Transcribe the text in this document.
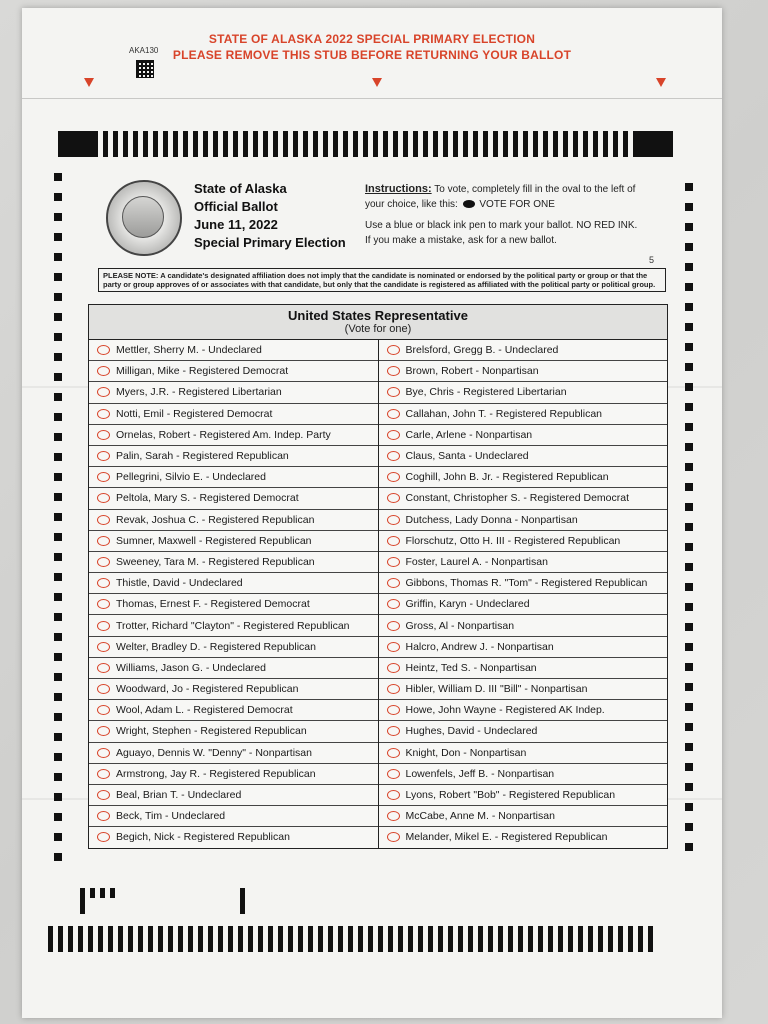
STATE OF ALASKA 2022 SPECIAL PRIMARY ELECTION
PLEASE REMOVE THIS STUB BEFORE RETURNING YOUR BALLOT
AKA130
State of Alaska
Official Ballot
June 11, 2022
Special Primary Election

Instructions: To vote, completely fill in the oval to the left of your choice, like this: VOTE FOR ONE

Use a blue or black ink pen to mark your ballot. NO RED INK. If you make a mistake, ask for a new ballot.

5
PLEASE NOTE: A candidate's designated affiliation does not imply that the candidate is nominated or endorsed by the political party or group or that the party or group approves of or associates with that candidate, but only that the candidate is registered as affiliated with the political party or political group.
United States Representative
(Vote for one)
Mettler, Sherry M. - Undeclared
Milligan, Mike - Registered Democrat
Myers, J.R. - Registered Libertarian
Notti, Emil - Registered Democrat
Ornelas, Robert - Registered Am. Indep. Party
Palin, Sarah - Registered Republican
Pellegrini, Silvio E. - Undeclared
Peltola, Mary S. - Registered Democrat
Revak, Joshua C. - Registered Republican
Sumner, Maxwell - Registered Republican
Sweeney, Tara M. - Registered Republican
Thistle, David - Undeclared
Thomas, Ernest F. - Registered Democrat
Trotter, Richard "Clayton" - Registered Republican
Welter, Bradley D. - Registered Republican
Williams, Jason G. - Undeclared
Woodward, Jo - Registered Republican
Wool, Adam L. - Registered Democrat
Wright, Stephen - Registered Republican
Aguayo, Dennis W. "Denny" - Nonpartisan
Armstrong, Jay R. - Registered Republican
Beal, Brian T. - Undeclared
Beck, Tim - Undeclared
Begich, Nick - Registered Republican
Brelsford, Gregg B. - Undeclared
Brown, Robert - Nonpartisan
Bye, Chris - Registered Libertarian
Callahan, John T. - Registered Republican
Carle, Arlene - Nonpartisan
Claus, Santa - Undeclared
Coghill, John B. Jr. - Registered Republican
Constant, Christopher S. - Registered Democrat
Dutchess, Lady Donna - Nonpartisan
Florschutz, Otto H. III - Registered Republican
Foster, Laurel A. - Nonpartisan
Gibbons, Thomas R. "Tom" - Registered Republican
Griffin, Karyn - Undeclared
Gross, Al - Nonpartisan
Halcro, Andrew J. - Nonpartisan
Heintz, Ted S. - Nonpartisan
Hibler, William D. III "Bill" - Nonpartisan
Howe, John Wayne - Registered AK Indep.
Hughes, David - Undeclared
Knight, Don - Nonpartisan
Lowenfels, Jeff B. - Nonpartisan
Lyons, Robert "Bob" - Registered Republican
McCabe, Anne M. - Nonpartisan
Melander, Mikel E. - Registered Republican
